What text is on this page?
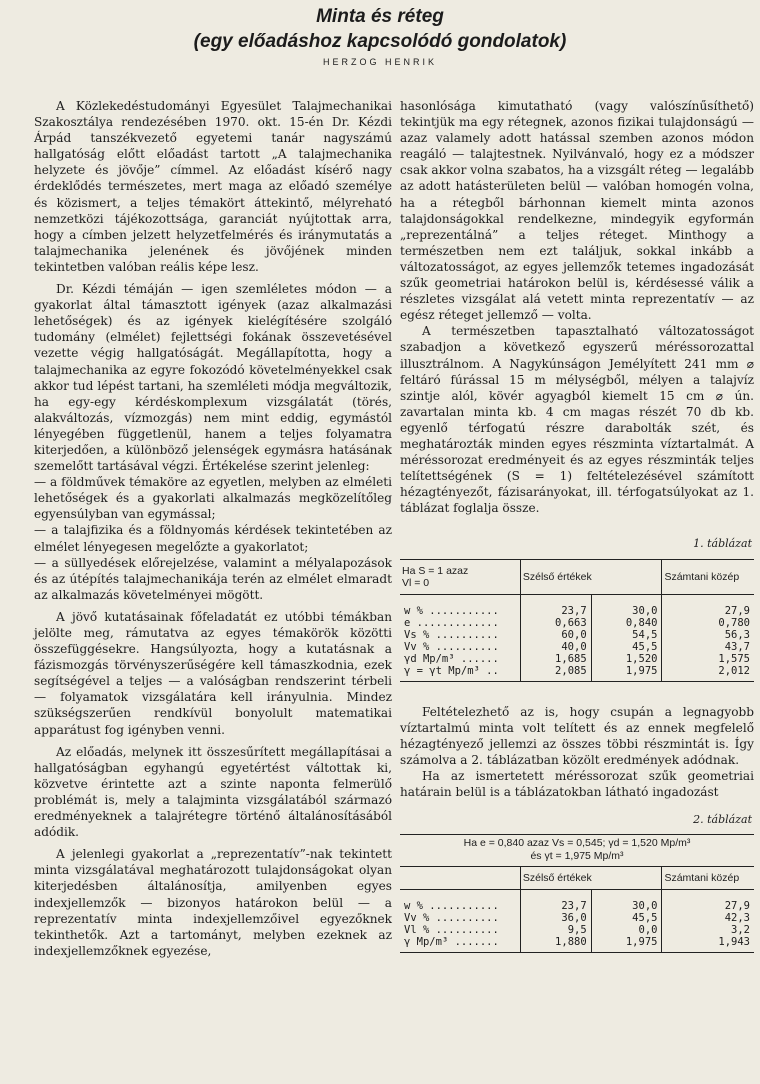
Minta és réteg
(egy előadáshoz kapcsolódó gondolatok)
HERZOG HENRIK

A Közlekedéstudományi Egyesület Talajmechanikai Szakosztálya rendezésében 1970. okt. 15-én Dr. Kézdi Árpád tanszékvezető egyetemi tanár nagyszámú hallgatóság előtt előadást tartott „A talajmechanika helyzete és jövője” címmel. Az előadást kísérő nagy érdeklődés természetes, mert maga az előadó személye és közismert, a teljes témakört áttekintő, mélyreható nemzetközi tájékozottsága, garanciát nyújtottak arra, hogy a címben jelzett helyzetfelmérés és iránymutatás a talajmechanika jelenének és jövőjének minden tekintetben valóban reális képe lesz.

Dr. Kézdi témáján — igen szemléletes módon — a gyakorlat által támasztott igények (azaz alkalmazási lehetőségek) és az igények kielégítésére szolgáló tudomány (elmélet) fejlettségi fokának összevetésével vezette végig hallgatóságát. Megállapította, hogy a talajmechanika az egyre fokozódó követelményekkel csak akkor tud lépést tartani, ha szemléleti módja megváltozik, ha egy-egy kérdéskomplexum vizsgálatát (törés, alakváltozás, vízmozgás) nem mint eddig, egymástól lényegében függetlenül, hanem a teljes folyamatra kiterjedően, a különböző jelenségek egymásra hatásának szemelőtt tartásával végzi. Értékelése szerint jelenleg:

— a földművek témaköre az egyetlen, melyben az elméleti lehetőségek és a gyakorlati alkalmazás megközelítőleg egyensúlyban van egymással;

— a talajfizika és a földnyomás kérdések tekintetében az elmélet lényegesen megelőzte a gyakorlatot;

— a süllyedések előrejelzése, valamint a mélyalapozások és az útépítés talajmechanikája terén az elmélet elmaradt az alkalmazás követelményei mögött.

A jövő kutatásainak főfeladatát ez utóbbi témákban jelölte meg, rámutatva az egyes témakörök közötti összefüggésekre. Hangsúlyozta, hogy a kutatásnak a fázismozgás törvényszerűségére kell támaszkodnia, ezek segítségével a teljes — a valóságban rendszerint térbeli — folyamatok vizsgálatára kell irányulnia. Mindez szükségszerűen rendkívül bonyolult matematikai apparátust fog igényben venni.

Az előadás, melynek itt összesűrített megállapításai a hallgatóságban egyhangú egyetértést váltottak ki, közvetve érintette azt a szinte naponta felmerülő problémát is, mely a talajminta vizsgálatából származó eredményeknek a talajrétegre történő általánosításából adódik.

A jelenlegi gyakorlat a „reprezentatív”-nak tekintett minta vizsgálatával meghatározott tulajdonságokat olyan kiterjedésben általánosítja, amilyenben egyes indexjellemzők — bizonyos határokon belül — a reprezentatív minta indexjellemzőivel egyezőknek tekinthetők. Azt a tartományt, melyben ezeknek az indexjellemzőknek egyezése,

hasonlósága kimutatható (vagy valószínűsíthető) tekintjük ma egy rétegnek, azonos fizikai tulajdonságú — azaz valamely adott hatással szemben azonos módon reagáló — talajtestnek. Nyilvánvaló, hogy ez a módszer csak akkor volna szabatos, ha a vizsgált réteg — legalább az adott hatásterületen belül — valóban homogén volna, ha a rétegből bárhonnan kiemelt minta azonos talajdonságokkal rendelkezne, mindegyik egyformán „reprezentálná” a teljes réteget. Minthogy a természetben nem ezt találjuk, sokkal inkább a változatosságot, az egyes jellemzők tetemes ingadozását szűk geometriai határokon belül is, kérdésessé válik a részletes vizsgálat alá vetett minta reprezentatív — az egész réteget jellemző — volta.

A természetben tapasztalható változatosságot szabadjon a következő egyszerű méréssorozattal illusztrálnom. A Nagykúnságon Jemélyített 241 mm ⌀ feltáró fúrással 15 m mélységből, mélyen a talajvíz szintje alól, kövér agyagból kiemelt 15 cm ⌀ ún. zavartalan minta kb. 4 cm magas részét 70 db kb. egyenlő térfogatú részre darabolták szét, és meghatározták minden egyes részminta víztartalmát. A méréssorozat eredményeit és az egyes részminták teljes telítettségének (S = 1) feltételezésével számított hézagtényezőt, fázisarányokat, ill. térfogatsúlyokat az 1. táblázat foglalja össze.

1. táblázat
Ha S = 1 azaz
Vl = 0	Szélső értékek		Számtani közép
w % ...........	23,7	30,0	27,9
e .............	0,663	0,840	0,780
Vs % ..........	60,0	54,5	56,3
Vv % ..........	40,0	45,5	43,7
γd Mp/m³ ......	1,685	1,520	1,575
γ = γt Mp/m³ ..	2,085	1,975	2,012

Feltételezhető az is, hogy csupán a legnagyobb víztartalmú minta volt telített és az ennek megfelelő hézagtényező jellemzi az összes többi részmintát is. Így számolva a 2. táblázatban közölt eredmények adódnak.

Ha az ismertetett méréssorozat szűk geometriai határain belül is a táblázatokban látható ingadozást

2. táblázat
Ha e = 0,840 azaz Vs = 0,545; γd = 1,520 Mp/m³
és γt = 1,975 Mp/m³
	Szélső értékek		Számtani közép
w % ...........	23,7	30,0	27,9
Vv % ..........	36,0	45,5	42,3
Vl % ..........	9,5	0,0	3,2
γ Mp/m³ .......	1,880	1,975	1,943
